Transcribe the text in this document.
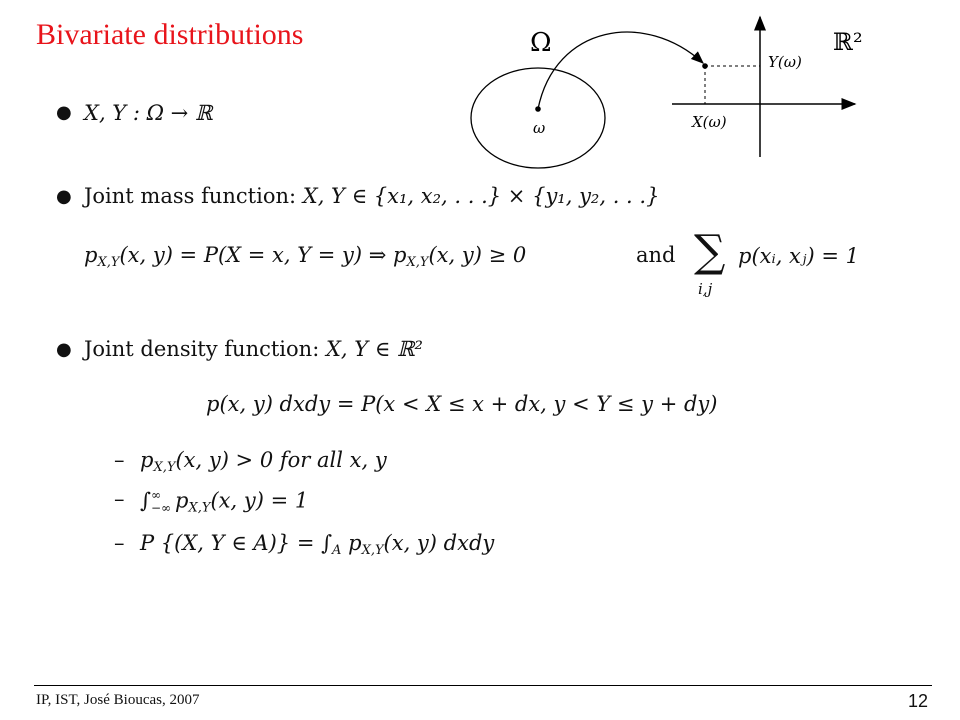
Bivariate distributions	Ω
ω
Y(ω)
X(ω)
ℝ²
● X, Y : Ω → ℝ
● Joint mass function: X, Y ∈ {x₁, x₂, . . .} × {y₁, y₂, . . .}
$p_{X,Y}(x$, y) = P(X = x, Y = y) ⇒ $p_{X,Y}(x$, y) ≥ 0	and ∑
i,j
p(xᵢ, xⱼ) = 1
● Joint density function: X, Y ∈ ℝ²
p(x, y) dxdy = P(x < X ≤ x + dx, y < Y ≤ y + dy)
– $p_{X,Y}(x$, y) > 0 for all x, y
– ∫ ∞
−∞ $p_{X,Y}(x$, y) = 1
– P {(X, Y ∈ $A)\} = \int_A$ $p_{X,Y}(x$, y) dxdy
IP, IST, José Bioucas, 2007	12
